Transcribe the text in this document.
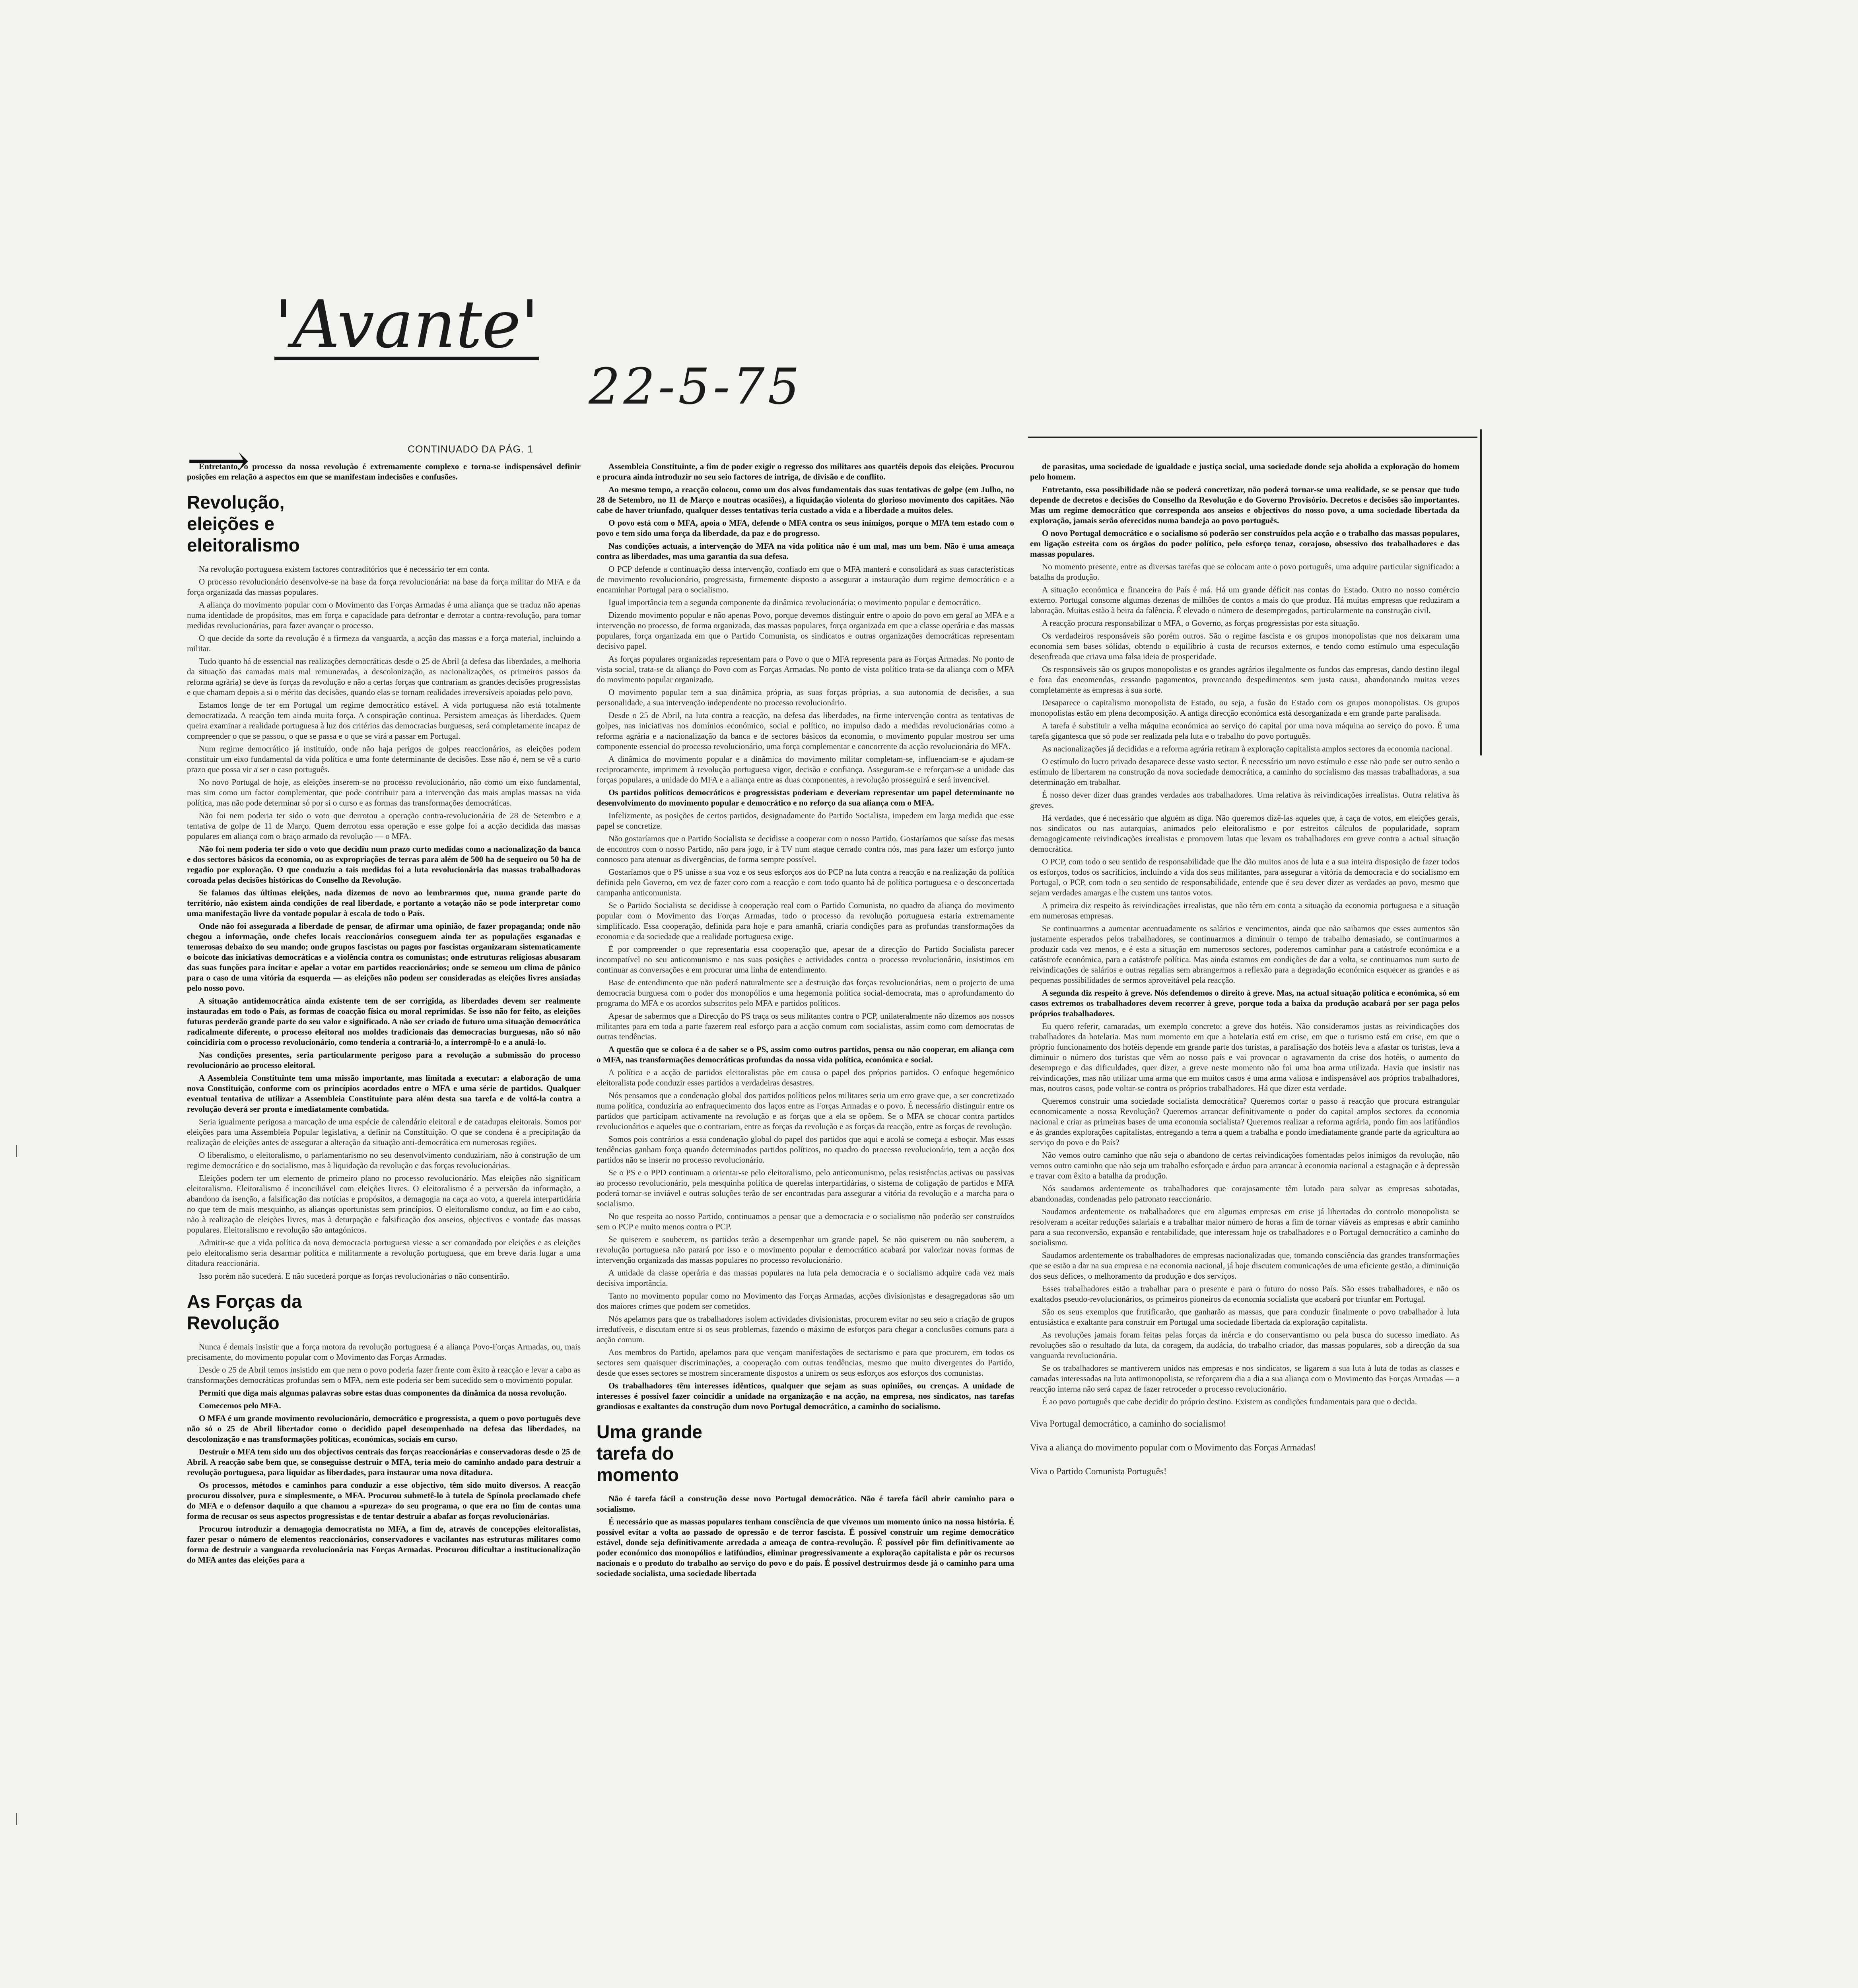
'Avante'
22-5-75
⟶	CONTINUADO DA PÁG. 1

Entretanto, o processo da nossa revolução é extremamente complexo e torna-se indispensável definir posições em relação a aspectos em que se manifestam indecisões e confusões.

Revolução, eleições e eleitoralismo

Na revolução portuguesa existem factores contraditórios que é necessário ter em conta.

O processo revolucionário desenvolve-se na base da força revolucionária: na base da força militar do MFA e da força organizada das massas populares.

A aliança do movimento popular com o Movimento das Forças Armadas é uma aliança que se traduz não apenas numa identidade de propósitos, mas em força e capacidade para defrontar e derrotar a contra-revolução, para tomar medidas revolucionárias, para fazer avançar o processo.

O que decide da sorte da revolução é a firmeza da vanguarda, a acção das massas e a força material, incluindo a militar.

Tudo quanto há de essencial nas realizações democráticas desde o 25 de Abril (a defesa das liberdades, a melhoria da situação das camadas mais mal remuneradas, a descolonização, as nacionalizações, os primeiros passos da reforma agrária) se deve às forças da revolução e não a certas forças que contrariam as grandes decisões progressistas e que chamam depois a si o mérito das decisões, quando elas se tornam realidades irreversíveis apoiadas pelo povo.

Estamos longe de ter em Portugal um regime democrático estável. A vida portuguesa não está totalmente democratizada. A reacção tem ainda muita força. A conspiração continua. Persistem ameaças às liberdades. Quem queira examinar a realidade portuguesa à luz dos critérios das democracias burguesas, será completamente incapaz de compreender o que se passou, o que se passa e o que se virá a passar em Portugal.

Num regime democrático já instituído, onde não haja perigos de golpes reaccionários, as eleições podem constituir um eixo fundamental da vida política e uma fonte determinante de decisões. Esse não é, nem se vê a curto prazo que possa vir a ser o caso português.

No novo Portugal de hoje, as eleições inserem-se no processo revolucionário, não como um eixo fundamental, mas sim como um factor complementar, que pode contribuir para a intervenção das mais amplas massas na vida política, mas não pode determinar só por si o curso e as formas das transformações democráticas.

Não foi nem poderia ter sido o voto que derrotou a operação contra-revolucionária de 28 de Setembro e a tentativa de golpe de 11 de Março. Quem derrotou essa operação e esse golpe foi a acção decidida das massas populares em aliança com o braço armado da revolução — o MFA.

Não foi nem poderia ter sido o voto que decidiu num prazo curto medidas como a nacionalização da banca e dos sectores básicos da economia, ou as expropriações de terras para além de 500 ha de sequeiro ou 50 ha de regadio por exploração. O que conduziu a tais medidas foi a luta revolucionária das massas trabalhadoras coroada pelas decisões históricas do Conselho da Revolução.

Se falamos das últimas eleições, nada dizemos de novo ao lembrarmos que, numa grande parte do território, não existem ainda condições de real liberdade, e portanto a votação não se pode interpretar como uma manifestação livre da vontade popular à escala de todo o País.

Onde não foi assegurada a liberdade de pensar, de afirmar uma opinião, de fazer propaganda; onde não chegou a informação, onde chefes locais reaccionários conseguem ainda ter as populações esganadas e temerosas debaixo do seu mando; onde grupos fascistas ou pagos por fascistas organizaram sistematicamente o boicote das iniciativas democráticas e a violência contra os comunistas; onde estruturas religiosas abusaram das suas funções para incitar e apelar a votar em partidos reaccionários; onde se semeou um clima de pânico para o caso de uma vitória da esquerda — as eleições não podem ser consideradas as eleições livres ansiadas pelo nosso povo.

A situação antidemocrática ainda existente tem de ser corrigida, as liberdades devem ser realmente instauradas em todo o País, as formas de coacção física ou moral reprimidas. Se isso não for feito, as eleições futuras perderão grande parte do seu valor e significado. A não ser criado de futuro uma situação democrática radicalmente diferente, o processo eleitoral nos moldes tradicionais das democracias burguesas, não só não coincidiria com o processo revolucionário, como tenderia a contrariá-lo, a interrompê-lo e a anulá-lo.

Nas condições presentes, seria particularmente perigoso para a revolução a submissão do processo revolucionário ao processo eleitoral.

A Assembleia Constituinte tem uma missão importante, mas limitada a executar: a elaboração de uma nova Constituição, conforme com os princípios acordados entre o MFA e uma série de partidos. Qualquer eventual tentativa de utilizar a Assembleia Constituinte para além desta sua tarefa e de voltá-la contra a revolução deverá ser pronta e imediatamente combatida.

Seria igualmente perigosa a marcação de uma espécie de calendário eleitoral e de catadupas eleitorais. Somos por eleições para uma Assembleia Popular legislativa, a definir na Constituição. O que se condena é a precipitação da realização de eleições antes de assegurar a alteração da situação anti-democrática em numerosas regiões.

O liberalismo, o eleitoralismo, o parlamentarismo no seu desenvolvimento conduziriam, não à construção de um regime democrático e do socialismo, mas à liquidação da revolução e das forças revolucionárias.

Eleições podem ter um elemento de primeiro plano no processo revolucionário. Mas eleições não significam eleitoralismo. Eleitoralismo é inconciliável com eleições livres. O eleitoralismo é a perversão da informação, a abandono da isenção, a falsificação das notícias e propósitos, a demagogia na caça ao voto, a querela interpartidária no que tem de mais mesquinho, as alianças oportunistas sem princípios. O eleitoralismo conduz, ao fim e ao cabo, não à realização de eleições livres, mas à deturpação e falsificação dos anseios, objectivos e vontade das massas populares. Eleitoralismo e revolução são antagónicos.

Admitir-se que a vida política da nova democracia portuguesa viesse a ser comandada por eleições e as eleições pelo eleitoralismo seria desarmar política e militarmente a revolução portuguesa, que em breve daria lugar a uma ditadura reaccionária.

Isso porém não sucederá. E não sucederá porque as forças revolucionárias o não consentirão.

As Forças da Revolução

Nunca é demais insistir que a força motora da revolução portuguesa é a aliança Povo-Forças Armadas, ou, mais precisamente, do movimento popular com o Movimento das Forças Armadas.

Desde o 25 de Abril temos insistido em que nem o povo poderia fazer frente com êxito à reacção e levar a cabo as transformações democráticas profundas sem o MFA, nem este poderia ser bem sucedido sem o movimento popular.

Permiti que diga mais algumas palavras sobre estas duas componentes da dinâmica da nossa revolução.

Comecemos pelo MFA.

O MFA é um grande movimento revolucionário, democrático e progressista, a quem o povo português deve não só o 25 de Abril libertador como o decidido papel desempenhado na defesa das liberdades, na descolonização e nas transformações políticas, económicas, sociais em curso.

Destruir o MFA tem sido um dos objectivos centrais das forças reaccionárias e conservadoras desde o 25 de Abril. A reacção sabe bem que, se conseguisse destruir o MFA, teria meio do caminho andado para destruir a revolução portuguesa, para liquidar as liberdades, para instaurar uma nova ditadura.

Os processos, métodos e caminhos para conduzir a esse objectivo, têm sido muito diversos. A reacção procurou dissolver, pura e simplesmente, o MFA. Procurou submetê-lo à tutela de Spínola proclamado chefe do MFA e o defensor daquilo a que chamou a «pureza» do seu programa, o que era no fim de contas uma forma de recusar os seus aspectos progressistas e de tentar destruir a abafar as forças revolucionárias.

Procurou introduzir a demagogia democratista no MFA, a fim de, através de concepções eleitoralistas, fazer pesar o número de elementos reaccionários, conservadores e vacilantes nas estruturas militares como forma de destruir a vanguarda revolucionária nas Forças Armadas. Procurou dificultar a institucionalização do MFA antes das eleições para a

Assembleia Constituinte, a fim de poder exigir o regresso dos militares aos quartéis depois das eleições. Procurou e procura ainda introduzir no seu seio factores de intriga, de divisão e de conflito.

Ao mesmo tempo, a reacção colocou, como um dos alvos fundamentais das suas tentativas de golpe (em Julho, no 28 de Setembro, no 11 de Março e noutras ocasiões), a liquidação violenta do glorioso movimento dos capitães. Não cabe de haver triunfado, qualquer desses tentativas teria custado a vida e a liberdade a muitos deles.

O povo está com o MFA, apoia o MFA, defende o MFA contra os seus inimigos, porque o MFA tem estado com o povo e tem sido uma força da liberdade, da paz e do progresso.

Nas condições actuais, a intervenção do MFA na vida política não é um mal, mas um bem. Não é uma ameaça contra as liberdades, mas uma garantia da sua defesa.

O PCP defende a continuação dessa intervenção, confiado em que o MFA manterá e consolidará as suas características de movimento revolucionário, progressista, firmemente disposto a assegurar a instauração dum regime democrático e a encaminhar Portugal para o socialismo.

Igual importância tem a segunda componente da dinâmica revolucionária: o movimento popular e democrático.

Dizendo movimento popular e não apenas Povo, porque devemos distinguir entre o apoio do povo em geral ao MFA e a intervenção no processo, de forma organizada, das massas populares, força organizada em que a classe operária e das massas populares, força organizada em que o Partido Comunista, os sindicatos e outras organizações democráticas representam decisivo papel.

As forças populares organizadas representam para o Povo o que o MFA representa para as Forças Armadas. No ponto de vista social, trata-se da aliança do Povo com as Forças Armadas. No ponto de vista político trata-se da aliança com o MFA do movimento popular organizado.

O movimento popular tem a sua dinâmica própria, as suas forças próprias, a sua autonomia de decisões, a sua personalidade, a sua intervenção independente no processo revolucionário.

Desde o 25 de Abril, na luta contra a reacção, na defesa das liberdades, na firme intervenção contra as tentativas de golpes, nas iniciativas nos domínios económico, social e político, no impulso dado a medidas revolucionárias como a reforma agrária e a nacionalização da banca e de sectores básicos da economia, o movimento popular mostrou ser uma componente essencial do processo revolucionário, uma força complementar e concorrente da acção revolucionária do MFA.

A dinâmica do movimento popular e a dinâmica do movimento militar completam-se, influenciam-se e ajudam-se reciprocamente, imprimem à revolução portuguesa vigor, decisão e confiança. Asseguram-se e reforçam-se a unidade das forças populares, a unidade do MFA e a aliança entre as duas componentes, a revolução prosseguirá e será invencível.

Os partidos políticos democráticos e progressistas poderiam e deveriam representar um papel determinante no desenvolvimento do movimento popular e democrático e no reforço da sua aliança com o MFA.

Infelizmente, as posições de certos partidos, designadamente do Partido Socialista, impedem em larga medida que esse papel se concretize.

Não gostaríamos que o Partido Socialista se decidisse a cooperar com o nosso Partido. Gostaríamos que saísse das mesas de encontros com o nosso Partido, não para jogo, ir à TV num ataque cerrado contra nós, mas para fazer um esforço junto connosco para atenuar as divergências, de forma sempre possível.

Gostaríamos que o PS unisse a sua voz e os seus esforços aos do PCP na luta contra a reacção e na realização da política definida pelo Governo, em vez de fazer coro com a reacção e com todo quanto há de política portuguesa e o desconcertada campanha anticomunista.

Se o Partido Socialista se decidisse à cooperação real com o Partido Comunista, no quadro da aliança do movimento popular com o Movimento das Forças Armadas, todo o processo da revolução portuguesa estaria extremamente simplificado. Essa cooperação, definida para hoje e para amanhã, criaria condições para as profundas transformações da economia e da sociedade que a realidade portuguesa exige.

É por compreender o que representaria essa cooperação que, apesar de a direcção do Partido Socialista parecer incompatível no seu anticomunismo e nas suas posições e actividades contra o processo revolucionário, insistimos em continuar as conversações e em procurar uma linha de entendimento.

Base de entendimento que não poderá naturalmente ser a destruição das forças revolucionárias, nem o projecto de uma democracia burguesa com o poder dos monopólios e uma hegemonia política social-democrata, mas o aprofundamento do programa do MFA e os acordos subscritos pelo MFA e partidos políticos.

Apesar de sabermos que a Direcção do PS traça os seus militantes contra o PCP, unilateralmente não dizemos aos nossos militantes para em toda a parte fazerem real esforço para a acção comum com socialistas, assim como com democratas de outras tendências.

A questão que se coloca é a de saber se o PS, assim como outros partidos, pensa ou não cooperar, em aliança com o MFA, nas transformações democráticas profundas da nossa vida política, económica e social.

A política e a acção de partidos eleitoralistas põe em causa o papel dos próprios partidos. O enfoque hegemónico eleitoralista pode conduzir esses partidos a verdadeiras desastres.

Nós pensamos que a condenação global dos partidos políticos pelos militares seria um erro grave que, a ser concretizado numa política, conduziria ao enfraquecimento dos laços entre as Forças Armadas e o povo. É necessário distinguir entre os partidos que participam activamente na revolução e as forças que a ela se opõem. Se o MFA se chocar contra partidos revolucionários e aqueles que o contrariam, entre as forças da revolução e as forças da reacção, entre as forças de revolução.

Somos pois contrários a essa condenação global do papel dos partidos que aqui e acolá se começa a esboçar. Mas essas tendências ganham força quando determinados partidos políticos, no quadro do processo revolucionário, tem a acção dos partidos não se inserir no processo revolucionário.

Se o PS e o PPD continuam a orientar-se pelo eleitoralismo, pelo anticomunismo, pelas resistências activas ou passivas ao processo revolucionário, pela mesquinha política de querelas interpartidárias, o sistema de coligação de partidos e MFA poderá tornar-se inviável e outras soluções terão de ser encontradas para assegurar a vitória da revolução e a marcha para o socialismo.

No que respeita ao nosso Partido, continuamos a pensar que a democracia e o socialismo não poderão ser construídos sem o PCP e muito menos contra o PCP.

Se quiserem e souberem, os partidos terão a desempenhar um grande papel. Se não quiserem ou não souberem, a revolução portuguesa não parará por isso e o movimento popular e democrático acabará por valorizar novas formas de intervenção organizada das massas populares no processo revolucionário.

A unidade da classe operária e das massas populares na luta pela democracia e o socialismo adquire cada vez mais decisiva importância.

Tanto no movimento popular como no Movimento das Forças Armadas, acções divisionistas e desagregadoras são um dos maiores crimes que podem ser cometidos.

Nós apelamos para que os trabalhadores isolem actividades divisionistas, procurem evitar no seu seio a criação de grupos irredutíveis, e discutam entre si os seus problemas, fazendo o máximo de esforços para chegar a conclusões comuns para a acção comum.

Aos membros do Partido, apelamos para que vençam manifestações de sectarismo e para que procurem, em todos os sectores sem quaisquer discriminações, a cooperação com outras tendências, mesmo que muito divergentes do Partido, desde que esses sectores se mostrem sinceramente dispostos a unirem os seus esforços aos esforços dos comunistas.

Os trabalhadores têm interesses idênticos, qualquer que sejam as suas opiniões, ou crenças. A unidade de interesses é possível fazer coincidir a unidade na organização e na acção, na empresa, nos sindicatos, nas tarefas grandiosas e exaltantes da construção dum novo Portugal democrático, a caminho do socialismo.

Uma grande tarefa do momento

Não é tarefa fácil a construção desse novo Portugal democrático. Não é tarefa fácil abrir caminho para o socialismo.

É necessário que as massas populares tenham consciência de que vivemos um momento único na nossa história. É possível evitar a volta ao passado de opressão e de terror fascista. É possível construir um regime democrático estável, donde seja definitivamente arredada a ameaça de contra-revolução. É possível pôr fim definitivamente ao poder económico dos monopólios e latifúndios, eliminar progressivamente a exploração capitalista e pôr os recursos nacionais e o produto do trabalho ao serviço do povo e do país. É possível destruirmos desde já o caminho para uma sociedade socialista, uma sociedade libertada

de parasitas, uma sociedade de igualdade e justiça social, uma sociedade donde seja abolida a exploração do homem pelo homem.

Entretanto, essa possibilidade não se poderá concretizar, não poderá tornar-se uma realidade, se se pensar que tudo depende de decretos e decisões do Conselho da Revolução e do Governo Provisório. Decretos e decisões são importantes. Mas um regime democrático que corresponda aos anseios e objectivos do nosso povo, a uma sociedade libertada da exploração, jamais serão oferecidos numa bandeja ao povo português.

O novo Portugal democrático e o socialismo só poderão ser construídos pela acção e o trabalho das massas populares, em ligação estreita com os órgãos do poder político, pelo esforço tenaz, corajoso, obsessivo dos trabalhadores e das massas populares.

No momento presente, entre as diversas tarefas que se colocam ante o povo português, uma adquire particular significado: a batalha da produção.

A situação económica e financeira do País é má. Há um grande déficit nas contas do Estado. Outro no nosso comércio externo. Portugal consome algumas dezenas de milhões de contos a mais do que produz. Há muitas empresas que reduziram a laboração. Muitas estão à beira da falência. É elevado o número de desempregados, particularmente na construção civil.

A reacção procura responsabilizar o MFA, o Governo, as forças progressistas por esta situação.

Os verdadeiros responsáveis são porém outros. São o regime fascista e os grupos monopolistas que nos deixaram uma economia sem bases sólidas, obtendo o equilíbrio à custa de recursos externos, e tendo como estímulo uma especulação desenfreada que criava uma falsa ideia de prosperidade.

Os responsáveis são os grupos monopolistas e os grandes agrários ilegalmente os fundos das empresas, dando destino ilegal e fora das encomendas, cessando pagamentos, provocando despedimentos sem justa causa, abandonando muitas vezes completamente as empresas à sua sorte.

Desaparece o capitalismo monopolista de Estado, ou seja, a fusão do Estado com os grupos monopolistas. Os grupos monopolistas estão em plena decomposição. A antiga direcção económica está desorganizada e em grande parte paralisada.

A tarefa é substituir a velha máquina económica ao serviço do capital por uma nova máquina ao serviço do povo. É uma tarefa gigantesca que só pode ser realizada pela luta e o trabalho do povo português.

As nacionalizações já decididas e a reforma agrária retiram à exploração capitalista amplos sectores da economia nacional.

O estímulo do lucro privado desaparece desse vasto sector. É necessário um novo estímulo e esse não pode ser outro senão o estímulo de libertarem na construção da nova sociedade democrática, a caminho do socialismo das massas trabalhadoras, a sua determinação em trabalhar.

É nosso dever dizer duas grandes verdades aos trabalhadores. Uma relativa às reivindicações irrealistas. Outra relativa às greves.

Há verdades, que é necessário que alguém as diga. Não queremos dizê-las aqueles que, à caça de votos, em eleições gerais, nos sindicatos ou nas autarquias, animados pelo eleitoralismo e por estreitos cálculos de popularidade, sopram demagogicamente reivindicações irrealistas e promovem lutas que levam os trabalhadores em greve contra a actual situação democrática.

O PCP, com todo o seu sentido de responsabilidade que lhe dão muitos anos de luta e a sua inteira disposição de fazer todos os esforços, todos os sacrifícios, incluindo a vida dos seus militantes, para assegurar a vitória da democracia e do socialismo em Portugal, o PCP, com todo o seu sentido de responsabilidade, entende que é seu dever dizer as verdades ao povo, mesmo que sejam verdades amargas e lhe custem uns tantos votos.

A primeira diz respeito às reivindicações irrealistas, que não têm em conta a situação da economia portuguesa e a situação em numerosas empresas.

Se continuarmos a aumentar acentuadamente os salários e vencimentos, ainda que não saibamos que esses aumentos são justamente esperados pelos trabalhadores, se continuarmos a diminuir o tempo de trabalho demasiado, se continuarmos a produzir cada vez menos, e é esta a situação em numerosos sectores, poderemos caminhar para a catástrofe económica e a catástrofe económica, para a catástrofe política. Mas ainda estamos em condições de dar a volta, se continuamos num surto de reivindicações de salários e outras regalias sem abrangermos a reflexão para a degradação económica esquecer as grandes e as pequenas possibilidades de sermos aproveitável pela reacção.

A segunda diz respeito à greve. Nós defendemos o direito à greve. Mas, na actual situação política e económica, só em casos extremos os trabalhadores devem recorrer à greve, porque toda a baixa da produção acabará por ser paga pelos próprios trabalhadores.

Eu quero referir, camaradas, um exemplo concreto: a greve dos hotéis. Não consideramos justas as reivindicações dos trabalhadores da hotelaria. Mas num momento em que a hotelaria está em crise, em que o turismo está em crise, em que o próprio funcionamento dos hotéis depende em grande parte dos turistas, a paralisação dos hotéis leva a afastar os turistas, leva a diminuir o número dos turistas que vêm ao nosso país e vai provocar o agravamento da crise dos hotéis, o aumento do desemprego e das dificuldades, quer dizer, a greve neste momento não foi uma boa arma utilizada. Havia que insistir nas reivindicações, mas não utilizar uma arma que em muitos casos é uma arma valiosa e indispensável aos próprios trabalhadores, mas, noutros casos, pode voltar-se contra os próprios trabalhadores. Há que dizer esta verdade.

Queremos construir uma sociedade socialista democrática? Queremos cortar o passo à reacção que procura estrangular economicamente a nossa Revolução? Queremos arrancar definitivamente o poder do capital amplos sectores da economia nacional e criar as primeiras bases de uma economia socialista? Queremos realizar a reforma agrária, pondo fim aos latifúndios e às grandes explorações capitalistas, entregando a terra a quem a trabalha e pondo imediatamente grande parte da agricultura ao serviço do povo e do País?

Não vemos outro caminho que não seja o abandono de certas reivindicações fomentadas pelos inimigos da revolução, não vemos outro caminho que não seja um trabalho esforçado e árduo para arrancar à economia nacional a estagnação e à depressão e travar com êxito a batalha da produção.

Nós saudamos ardentemente os trabalhadores que corajosamente têm lutado para salvar as empresas sabotadas, abandonadas, condenadas pelo patronato reaccionário.

Saudamos ardentemente os trabalhadores que em algumas empresas em crise já libertadas do controlo monopolista se resolveram a aceitar reduções salariais e a trabalhar maior número de horas a fim de tornar viáveis as empresas e abrir caminho para a sua reconversão, expansão e rentabilidade, que interessam hoje os trabalhadores e o Portugal democrático a caminho do socialismo.

Saudamos ardentemente os trabalhadores de empresas nacionalizadas que, tomando consciência das grandes transformações que se estão a dar na sua empresa e na economia nacional, já hoje discutem comunicações de uma eficiente gestão, a diminuição dos seus défices, o melhoramento da produção e dos serviços.

Esses trabalhadores estão a trabalhar para o presente e para o futuro do nosso País. São esses trabalhadores, e não os exaltados pseudo-revolucionários, os primeiros pioneiros da economia socialista que acabará por triunfar em Portugal.

São os seus exemplos que frutificarão, que ganharão as massas, que para conduzir finalmente o povo trabalhador à luta entusiástica e exaltante para construir em Portugal uma sociedade libertada da exploração capitalista.

As revoluções jamais foram feitas pelas forças da inércia e do conservantismo ou pela busca do sucesso imediato. As revoluções são o resultado da luta, da coragem, da audácia, do trabalho criador, das massas populares, sob a direcção da sua vanguarda revolucionária.

Se os trabalhadores se mantiverem unidos nas empresas e nos sindicatos, se ligarem a sua luta à luta de todas as classes e camadas interessadas na luta antimonopolista, se reforçarem dia a dia a sua aliança com o Movimento das Forças Armadas — a reacção interna não será capaz de fazer retroceder o processo revolucionário.

É ao povo português que cabe decidir do próprio destino. Existem as condições fundamentais para que o decida.

Viva Portugal democrático, a caminho do socialismo!

Viva a aliança do movimento popular com o Movimento das Forças Armadas!

Viva o Partido Comunista Português!
